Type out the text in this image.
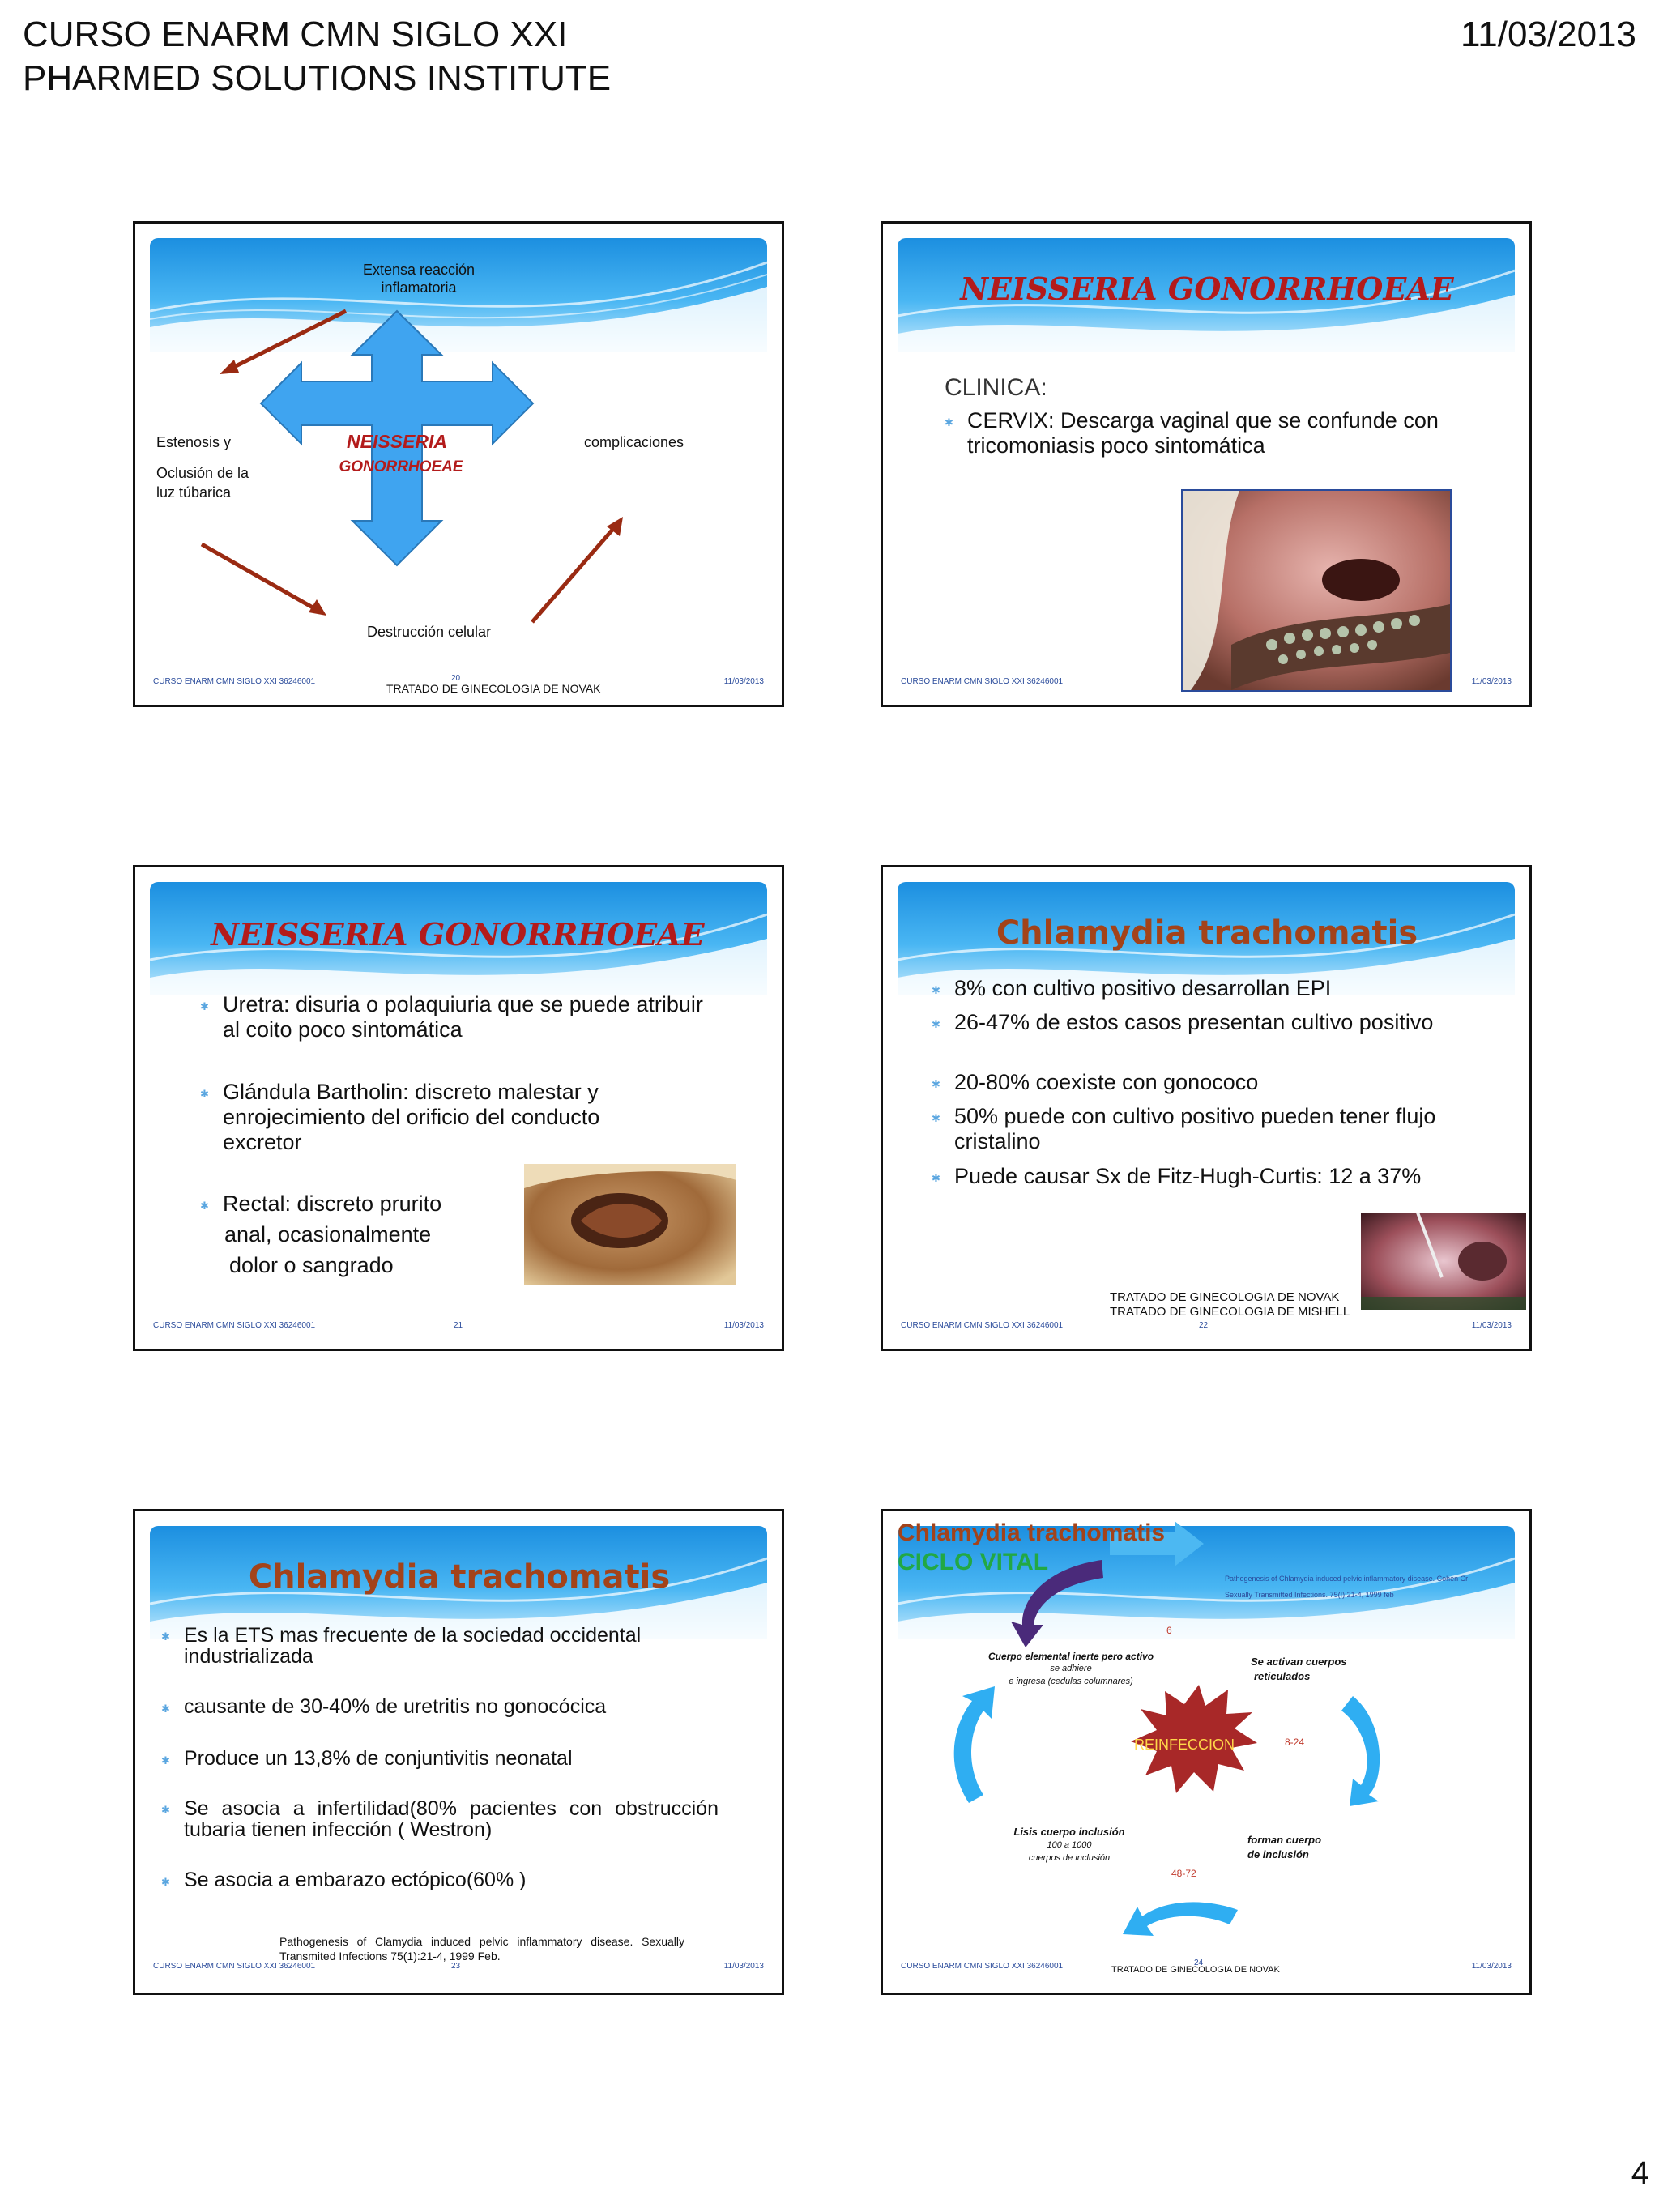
CURSO ENARM CMN SIGLO XXI
PHARMED SOLUTIONS INSTITUTE
11/03/2013
4
Extensa reacción inflamatoria
Estenosis y
Oclusión de la luz túbarica
NEISSERIA
GONORRHOEAE
complicaciones
Destrucción celular
CURSO ENARM CMN SIGLO XXI 36246001	20
TRATADO DE GINECOLOGIA DE NOVAK
11/03/2013
NEISSERIA GONORRHOEAE
CLINICA:
✱ CERVIX: Descarga vaginal que se confunde con tricomoniasis poco sintomática
CURSO ENARM CMN SIGLO XXI 36246001	11/03/2013
NEISSERIA GONORRHOEAE
✱ Uretra: disuria o polaquiuria que se puede atribuir al coito poco sintomática
✱ Glándula Bartholin: discreto malestar y enrojecimiento del orificio del conducto excretor
✱ Rectal: discreto prurito
anal, ocasionalmente
dolor o sangrado
CURSO ENARM CMN SIGLO XXI 36246001	21	11/03/2013
Chlamydia trachomatis
✱ 8% con cultivo positivo desarrollan EPI
✱ 26-47% de estos casos presentan cultivo positivo
✱ 20-80% coexiste con gonococo
✱ 50% puede con cultivo positivo pueden tener flujo cristalino
✱ Puede causar Sx de Fitz-Hugh-Curtis: 12 a 37%
TRATADO DE GINECOLOGIA DE NOVAK
TRATADO DE GINECOLOGIA DE MISHELL
CURSO ENARM CMN SIGLO XXI 36246001	22	11/03/2013
Chlamydia trachomatis
✱ Es la ETS mas frecuente de la sociedad occidental industrializada
✱ causante de 30-40% de uretritis no gonocócica
✱ Produce un 13,8% de conjuntivitis neonatal
✱ Se asocia a infertilidad(80% pacientes con obstrucción tubaria tienen infección ( Westron)
✱ Se asocia a embarazo ectópico(60% )
Pathogenesis of Clamydia induced pelvic inflammatory disease. Sexually Transmited Infections 75(1):21-4, 1999 Feb.
CURSO ENARM CMN SIGLO XXI 36246001	23	11/03/2013
Chlamydia trachomatis
CICLO VITAL
Pathogenesis of Chlamydia induced pelvic inflammatory disease. Cohen Cr
Sexually Transmitted Infections. 75(I):21-4, 1999 feb
6
Cuerpo elemental inerte pero activo
se adhiere
e ingresa (cedulas columnares)
Se activan cuerpos
reticulados
8-24
REINFECCION
Lisis cuerpo inclusión
100 a 1000
cuerpos de inclusión
forman cuerpo
de inclusión
48-72
TRATADO DE GINECOLOGIA DE NOVAK
CURSO ENARM CMN SIGLO XXI 36246001	24	11/03/2013
